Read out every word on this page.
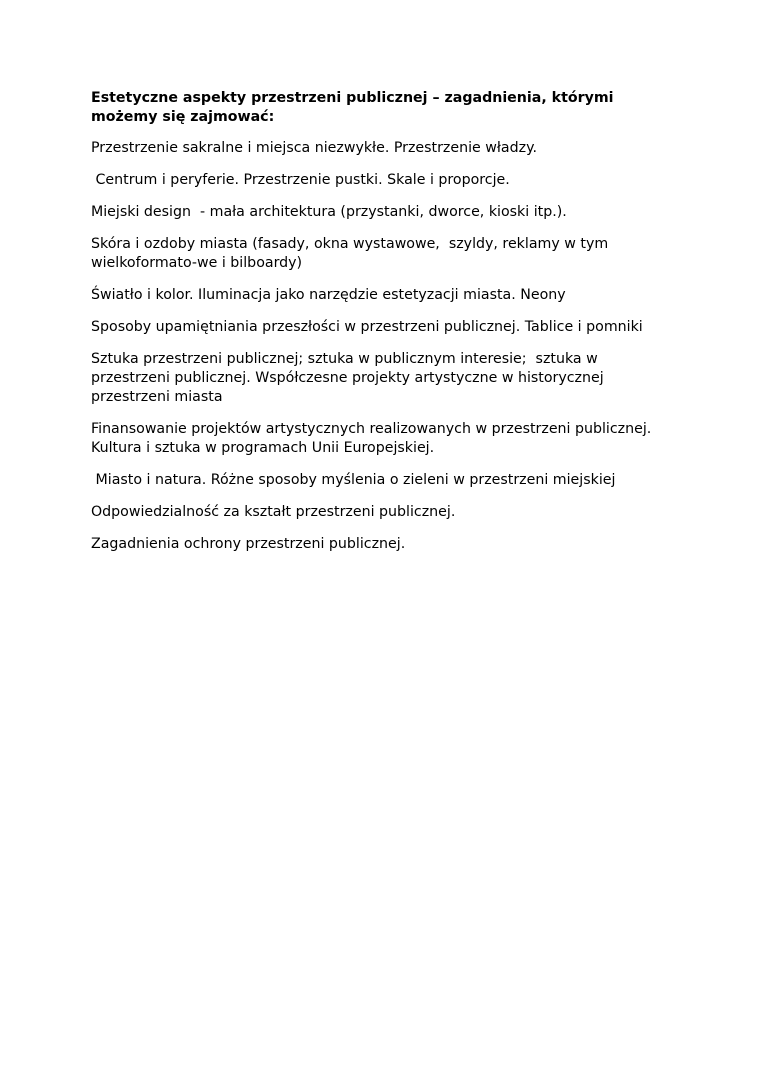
Estetyczne aspekty przestrzeni publicznej – zagadnienia, którymi możemy się zajmować:

Przestrzenie sakralne i miejsca niezwykłe. Przestrzenie władzy.

Centrum i peryferie. Przestrzenie pustki. Skale i proporcje.

Miejski design  - mała architektura (przystanki, dworce, kioski itp.).

Skóra i ozdoby miasta (fasady, okna wystawowe,  szyldy, reklamy w tym wielkoformato-we i bilboardy)

Światło i kolor. Iluminacja jako narzędzie estetyzacji miasta. Neony

Sposoby upamiętniania przeszłości w przestrzeni publicznej. Tablice i pomniki

Sztuka przestrzeni publicznej; sztuka w publicznym interesie;  sztuka w przestrzeni publicznej. Współczesne projekty artystyczne w historycznej przestrzeni miasta

Finansowanie projektów artystycznych realizowanych w przestrzeni publicznej. Kultura i sztuka w programach Unii Europejskiej.

Miasto i natura. Różne sposoby myślenia o zieleni w przestrzeni miejskiej

Odpowiedzialność za kształt przestrzeni publicznej.

Zagadnienia ochrony przestrzeni publicznej.
